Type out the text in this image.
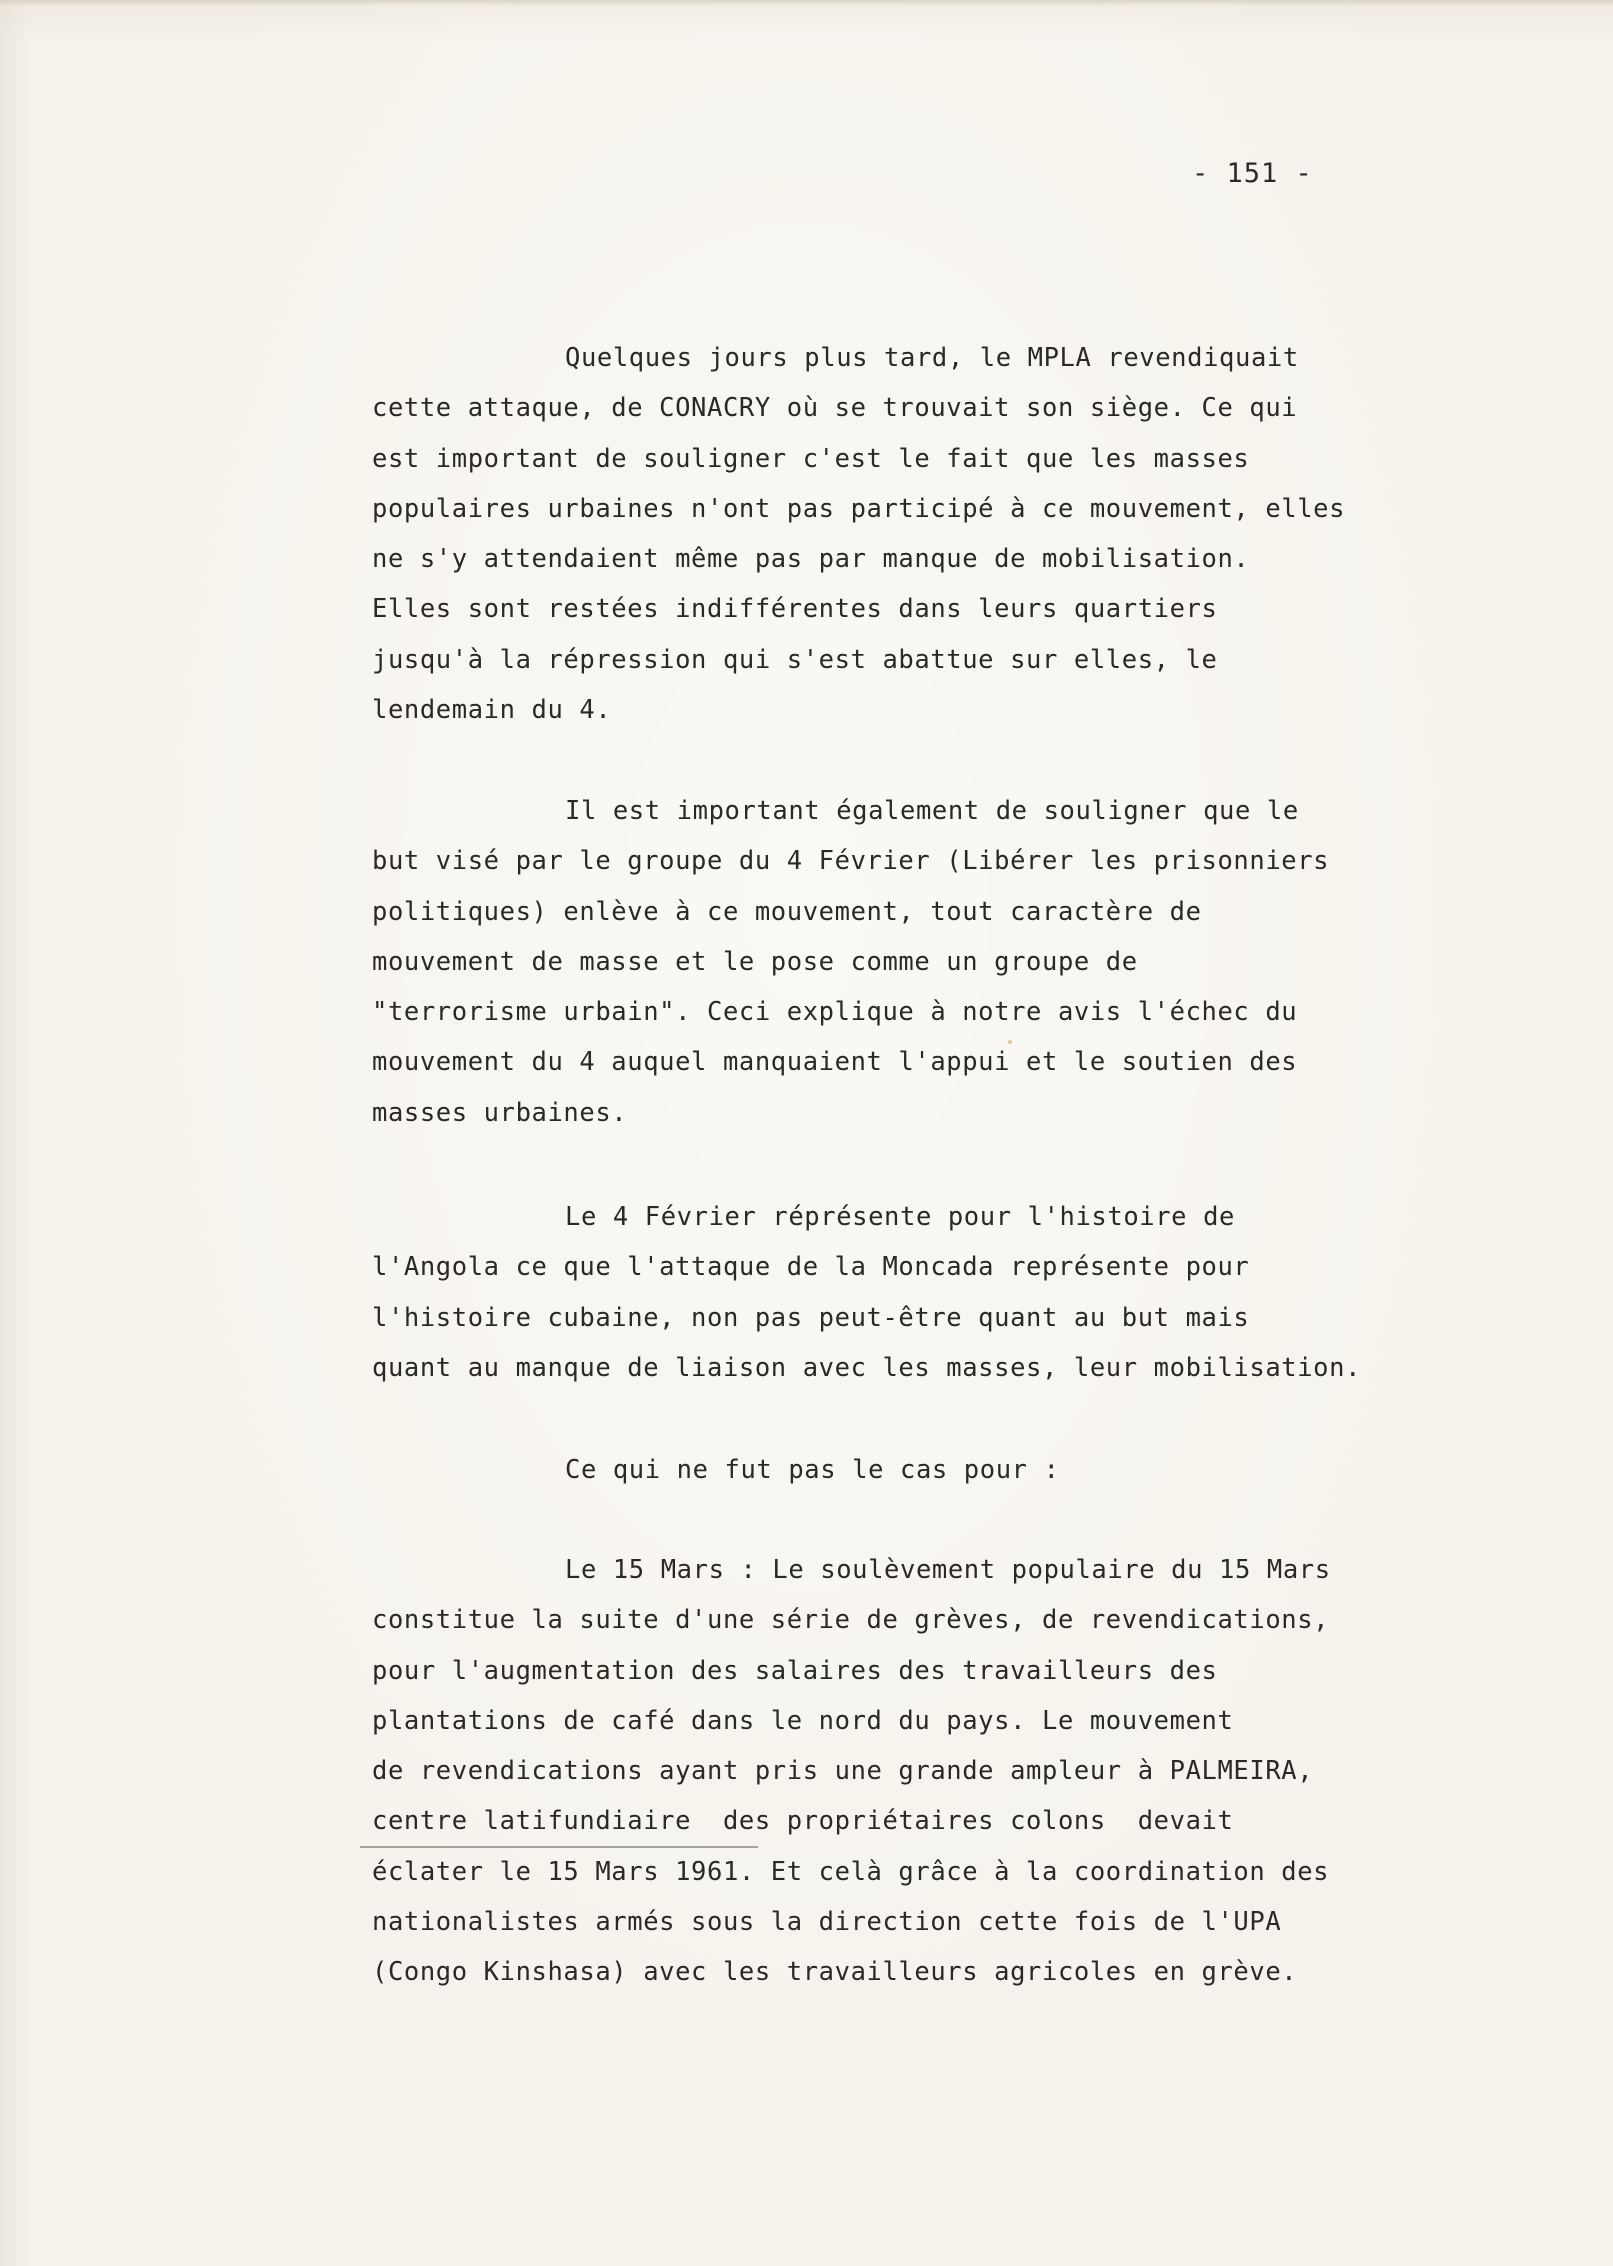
- 151 -
Quelques jours plus tard, le MPLA revendiquait
cette attaque, de CONACRY où se trouvait son siège. Ce qui
est important de souligner c'est le fait que les masses
populaires urbaines n'ont pas participé à ce mouvement, elles
ne s'y attendaient même pas par manque de mobilisation.
Elles sont restées indifférentes dans leurs quartiers
jusqu'à la répression qui s'est abattue sur elles, le
lendemain du 4.
Il est important également de souligner que le
but visé par le groupe du 4 Février (Libérer les prisonniers
politiques) enlève à ce mouvement, tout caractère de
mouvement de masse et le pose comme un groupe de
"terrorisme urbain". Ceci explique à notre avis l'échec du
mouvement du 4 auquel manquaient l'appui et le soutien des
masses urbaines.
Le 4 Février réprésente pour l'histoire de
l'Angola ce que l'attaque de la Moncada représente pour
l'histoire cubaine, non pas peut-être quant au but mais
quant au manque de liaison avec les masses, leur mobilisation.
Ce qui ne fut pas le cas pour :
Le 15 Mars : Le soulèvement populaire du 15 Mars
constitue la suite d'une série de grèves, de revendications,
pour l'augmentation des salaires des travailleurs des
plantations de café dans le nord du pays. Le mouvement
de revendications ayant pris une grande ampleur à PALMEIRA,
centre latifundiaire  des propriétaires colons  devait
éclater le 15 Mars 1961. Et celà grâce à la coordination des
nationalistes armés sous la direction cette fois de l'UPA
(Congo Kinshasa) avec les travailleurs agricoles en grève.
